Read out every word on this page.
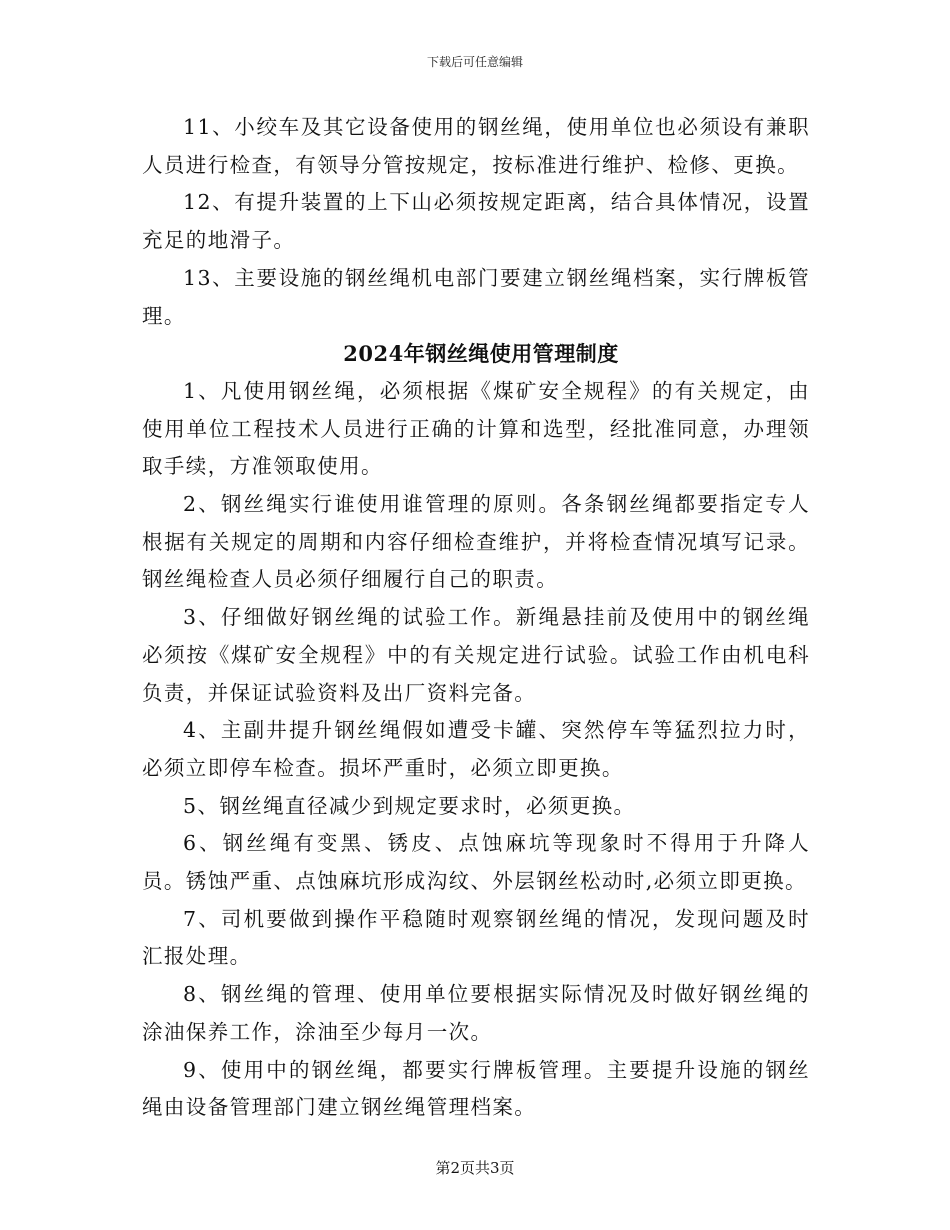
下载后可任意编辑

11、小绞车及其它设备使用的钢丝绳，使用单位也必须设有兼职人员进行检查，有领导分管按规定，按标准进行维护、检修、更换。

12、有提升装置的上下山必须按规定距离，结合具体情况，设置充足的地滑子。

13、主要设施的钢丝绳机电部门要建立钢丝绳档案，实行牌板管理。

2024年钢丝绳使用管理制度

1、凡使用钢丝绳，必须根据《煤矿安全规程》的有关规定，由使用单位工程技术人员进行正确的计算和选型，经批准同意，办理领取手续，方准领取使用。

2、钢丝绳实行谁使用谁管理的原则。各条钢丝绳都要指定专人根据有关规定的周期和内容仔细检查维护，并将检查情况填写记录。钢丝绳检查人员必须仔细履行自己的职责。

3、仔细做好钢丝绳的试验工作。新绳悬挂前及使用中的钢丝绳必须按《煤矿安全规程》中的有关规定进行试验。试验工作由机电科负责，并保证试验资料及出厂资料完备。

4、主副井提升钢丝绳假如遭受卡罐、突然停车等猛烈拉力时，必须立即停车检查。损坏严重时，必须立即更换。

5、钢丝绳直径减少到规定要求时，必须更换。

6、钢丝绳有变黑、锈皮、点蚀麻坑等现象时不得用于升降人员。锈蚀严重、点蚀麻坑形成沟纹、外层钢丝松动时,必须立即更换。

7、司机要做到操作平稳随时观察钢丝绳的情况，发现问题及时汇报处理。

8、钢丝绳的管理、使用单位要根据实际情况及时做好钢丝绳的涂油保养工作，涂油至少每月一次。

9、使用中的钢丝绳，都要实行牌板管理。主要提升设施的钢丝绳由设备管理部门建立钢丝绳管理档案。

第2页共3页
